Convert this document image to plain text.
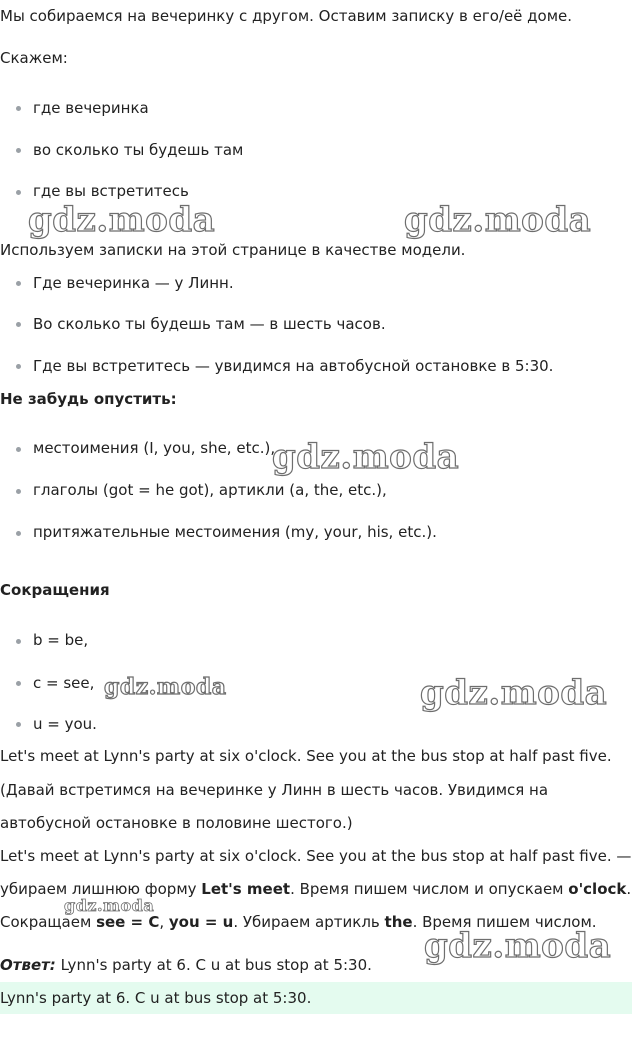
Мы собираемся на вечеринку с другом. Оставим записку в его/её доме.
Скажем:
где вечеринка
во сколько ты будешь там
где вы встретитесь
gdz.moda	gdz.moda
Используем записки на этой странице в качестве модели.
Где вечеринка — у Линн.
Во сколько ты будешь там — в шесть часов.
Где вы встретитесь — увидимся на автобусной остановке в 5:30.
Не забудь опустить:
местоимения (I, you, she, etc.),
глаголы (got = he got), артикли (a, the, etc.),
притяжательные местоимения (my, your, his, etc.).
gdz.moda
Сокращения
b = be,
c = see,
u = you.
gdz.moda	gdz.moda
Let's meet at Lynn's party at six o'clock. See you at the bus stop at half past five.
(Давай встретимся на вечеринке у Линн в шесть часов. Увидимся на
автобусной остановке в половине шестого.)
Let's meet at Lynn's party at six o'clock. See you at the bus stop at half past five. —
убираем лишнюю форму Let's meet. Время пишем числом и опускаем o'clock.
gdz.moda
Сокращаем see = C, you = u. Убираем артикль the. Время пишем числом.
gdz.moda
Ответ: Lynn's party at 6. C u at bus stop at 5:30.
Lynn's party at 6. C u at bus stop at 5:30.
